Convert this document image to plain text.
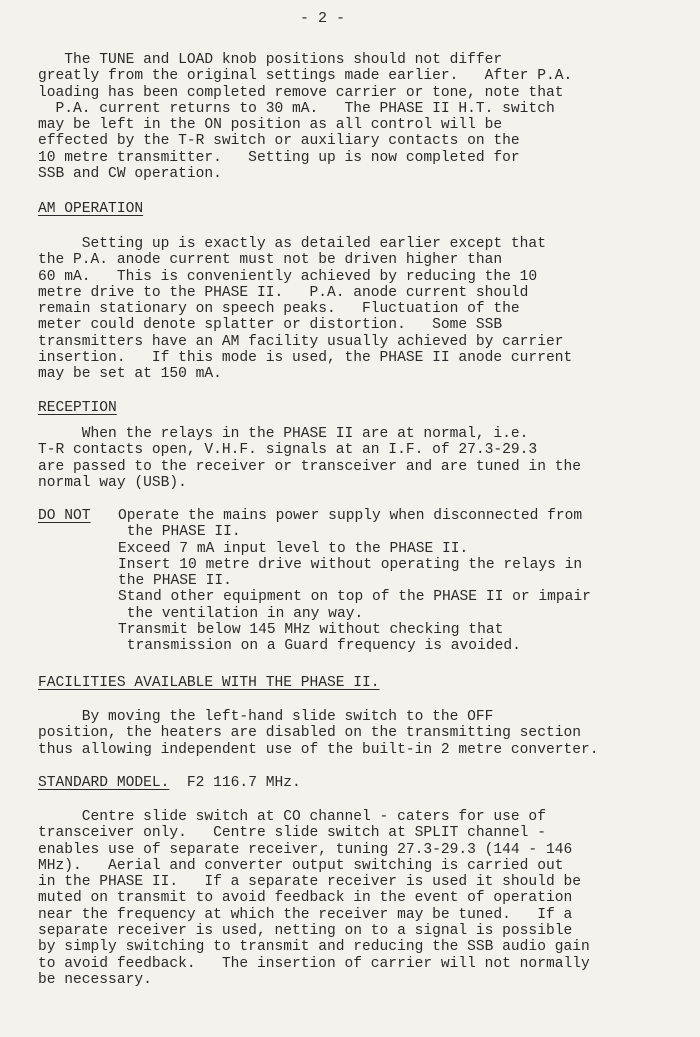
- 2 -
The TUNE and LOAD knob positions should not differ
greatly from the original settings made earlier.   After P.A.
loading has been completed remove carrier or tone, note that
P.A. current returns to 30 mA.   The PHASE II H.T. switch
may be left in the ON position as all control will be
effected by the T-R switch or auxiliary contacts on the
10 metre transmitter.   Setting up is now completed for
SSB and CW operation.
AM OPERATION
Setting up is exactly as detailed earlier except that
the P.A. anode current must not be driven higher than
60 mA.   This is conveniently achieved by reducing the 10
metre drive to the PHASE II.   P.A. anode current should
remain stationary on speech peaks.   Fluctuation of the
meter could denote splatter or distortion.   Some SSB
transmitters have an AM facility usually achieved by carrier
insertion.   If this mode is used, the PHASE II anode current
may be set at 150 mA.
RECEPTION
When the relays in the PHASE II are at normal, i.e.
T-R contacts open, V.H.F. signals at an I.F. of 27.3-29.3
are passed to the receiver or transceiver and are tuned in the
normal way (USB).
DO NOT	Operate the mains power supply when disconnected from
the PHASE II.
Exceed 7 mA input level to the PHASE II.
Insert 10 metre drive without operating the relays in
the PHASE II.
Stand other equipment on top of the PHASE II or impair
the ventilation in any way.
Transmit below 145 MHz without checking that
transmission on a Guard frequency is avoided.
FACILITIES AVAILABLE WITH THE PHASE II.
By moving the left-hand slide switch to the OFF
position, the heaters are disabled on the transmitting section
thus allowing independent use of the built-in 2 metre converter.
STANDARD MODEL.  F2 116.7 MHz.
Centre slide switch at CO channel - caters for use of
transceiver only.   Centre slide switch at SPLIT channel -
enables use of separate receiver, tuning 27.3-29.3 (144 - 146
MHz).   Aerial and converter output switching is carried out
in the PHASE II.   If a separate receiver is used it should be
muted on transmit to avoid feedback in the event of operation
near the frequency at which the receiver may be tuned.   If a
separate receiver is used, netting on to a signal is possible
by simply switching to transmit and reducing the SSB audio gain
to avoid feedback.   The insertion of carrier will not normally
be necessary.
